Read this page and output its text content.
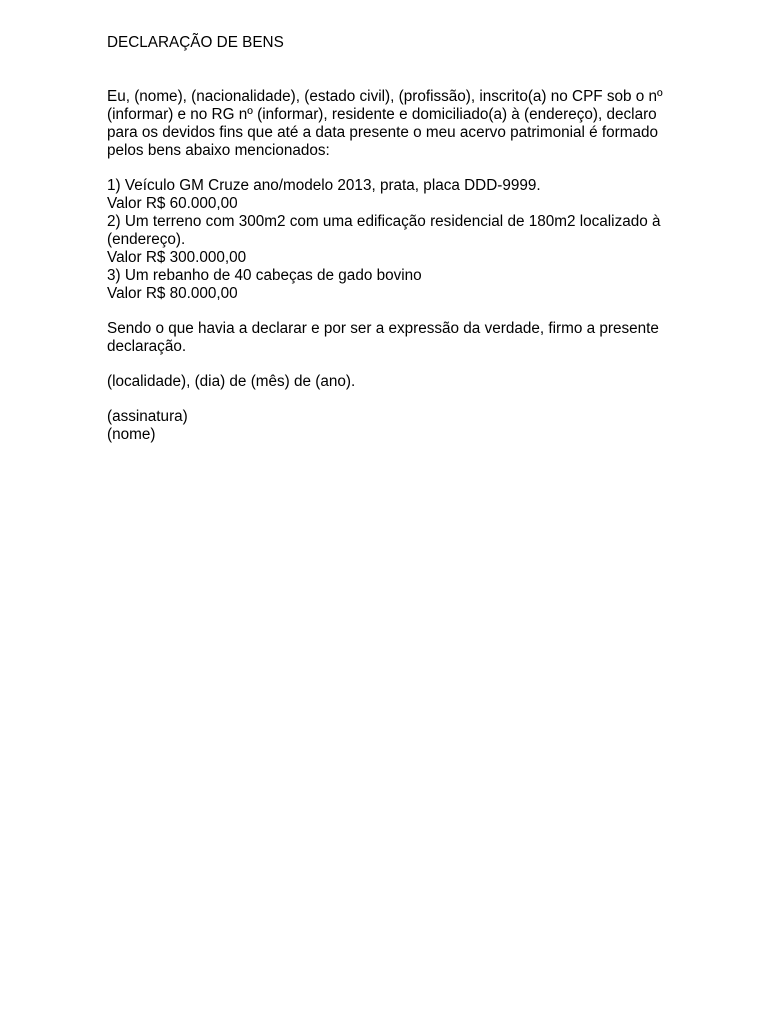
DECLARAÇÃO DE BENS

Eu, (nome), (nacionalidade), (estado civil), (profissão), inscrito(a) no CPF sob o nº (informar) e no RG nº (informar), residente e domiciliado(a) à (endereço), declaro para os devidos fins que até a data presente o meu acervo patrimonial é formado pelos bens abaixo mencionados:

1) Veículo GM Cruze ano/modelo 2013, prata, placa DDD-9999.

Valor R$ 60.000,00

2) Um terreno com 300m2 com uma edificação residencial de 180m2 localizado à (endereço).

Valor R$ 300.000,00

3) Um rebanho de 40 cabeças de gado bovino

Valor R$ 80.000,00

Sendo o que havia a declarar e por ser a expressão da verdade, firmo a presente declaração.

(localidade), (dia) de (mês) de (ano).

(assinatura)

(nome)
